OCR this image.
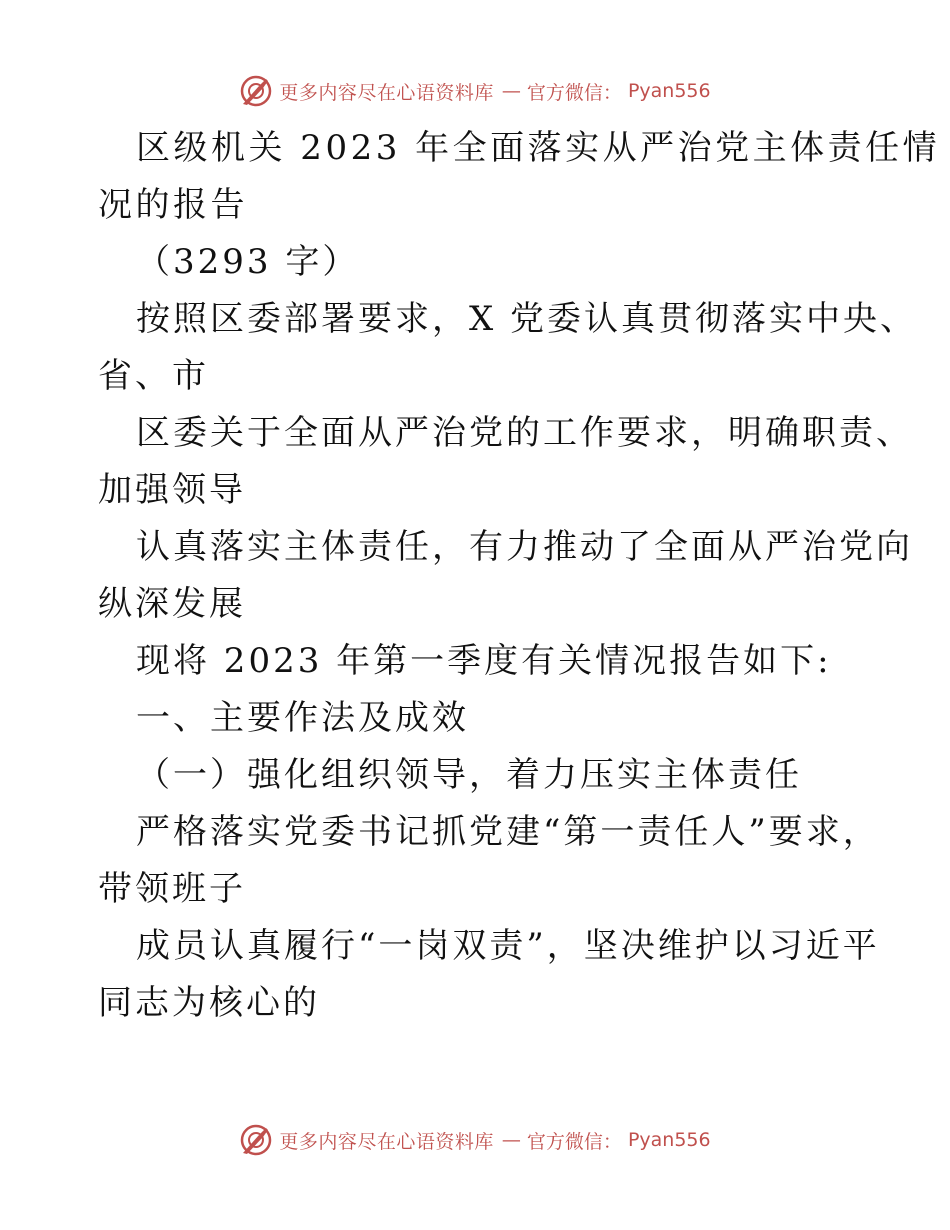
更多内容尽在心语资料库 — 官方微信： Pyan556
区级机关 2023 年全面落实从严治党主体责任情
况的报告
（3293 字）
按照区委部署要求，X 党委认真贯彻落实中央、
省、市
区委关于全面从严治党的工作要求，明确职责、
加强领导
认真落实主体责任，有力推动了全面从严治党向
纵深发展
现将 2023 年第一季度有关情况报告如下:
一、主要作法及成效
（一）强化组织领导，着力压实主体责任
严格落实党委书记抓党建“第一责任人”要求，
带领班子
成员认真履行“一岗双责”，坚决维护以习近平
同志为核心的
更多内容尽在心语资料库 — 官方微信： Pyan556
